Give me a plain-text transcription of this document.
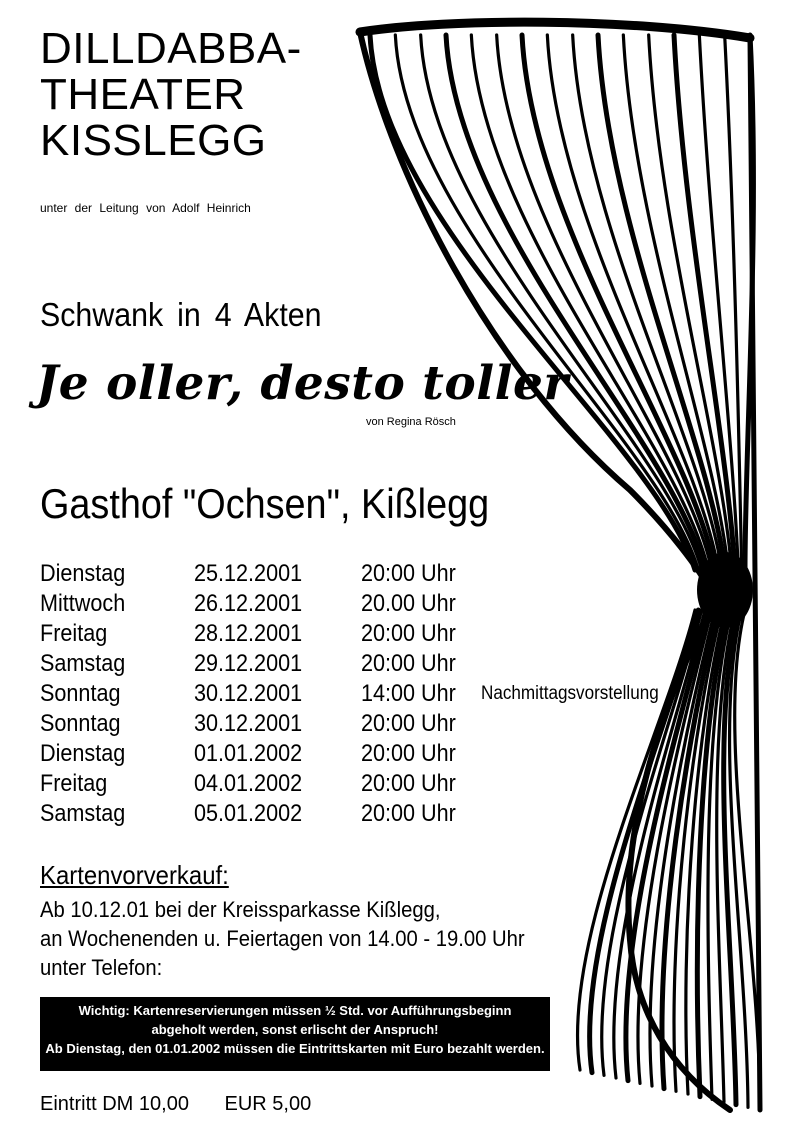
DILLDABBA-
THEATER
KISSLEGG
unter der Leitung von Adolf Heinrich
Schwank in 4 Akten
Je oller, desto toller
von Regina Rösch
Gasthof "Ochsen", Kißlegg
Dienstag	25.12.2001 20:00 Uhr
Mittwoch	26.12.2001 20.00 Uhr
Freitag	28.12.2001 20:00 Uhr
Samstag	29.12.2001 20:00 Uhr
Sonntag	30.12.2001 14:00 Uhr Nachmittagsvorstellung
Sonntag	30.12.2001 20:00 Uhr
Dienstag	01.01.2002 20:00 Uhr
Freitag	04.01.2002 20:00 Uhr
Samstag	05.01.2002 20:00 Uhr
Kartenvorverkauf:
Ab 10.12.01 bei der Kreissparkasse Kißlegg,
an Wochenenden u. Feiertagen von 14.00 - 19.00 Uhr
unter Telefon:
Wichtig: Kartenreservierungen müssen ½ Std. vor Aufführungsbeginn
abgeholt werden, sonst erlischt der Anspruch!
Ab Dienstag, den 01.01.2002 müssen die Eintrittskarten mit Euro bezahlt werden.
Eintritt DM 10,00 EUR 5,00
